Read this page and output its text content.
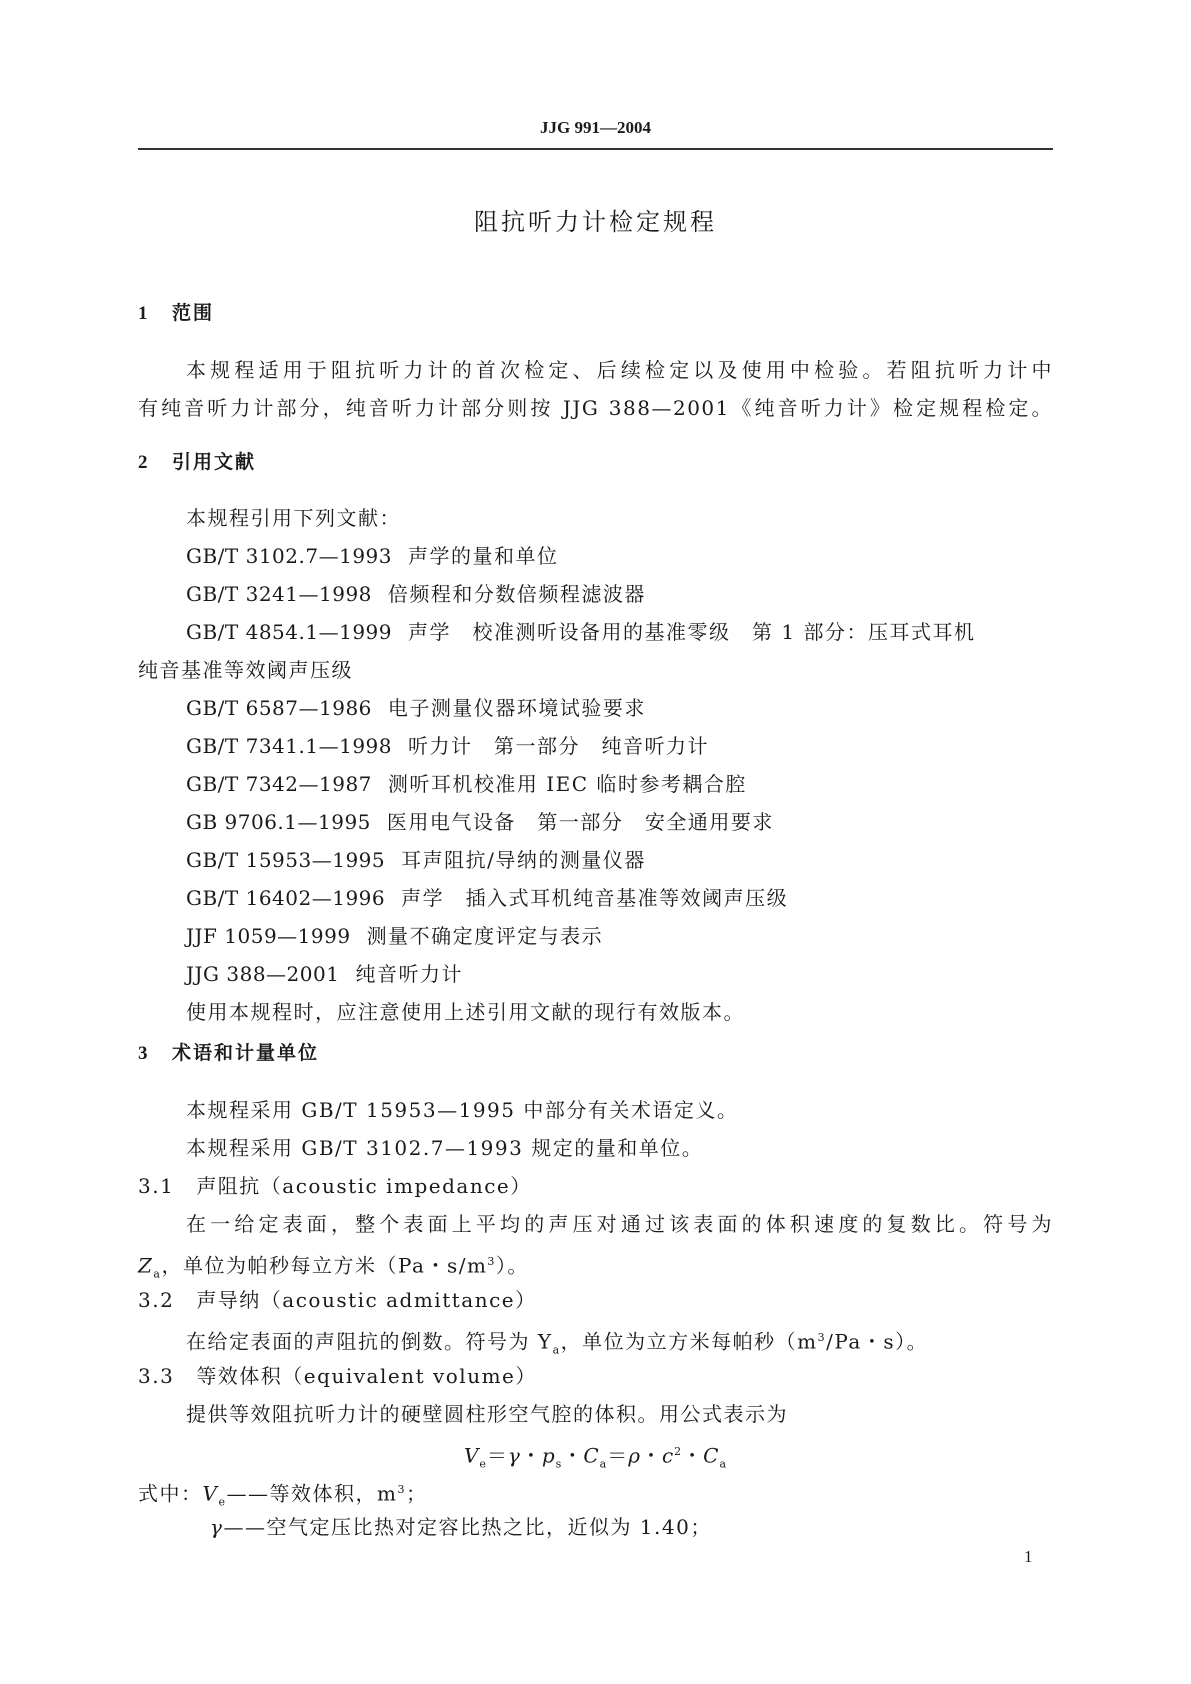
JJG 991—2004
阻抗听力计检定规程
1 范围
本规程适用于阻抗听力计的首次检定、后续检定以及使用中检验。若阻抗听力计中
有纯音听力计部分，纯音听力计部分则按 JJG 388—2001《纯音听力计》检定规程检定。
2 引用文献
本规程引用下列文献：
GB/T 3102.7—1993 声学的量和单位
GB/T 3241—1998 倍频程和分数倍频程滤波器
GB/T 4854.1—1999 声学　校准测听设备用的基准零级　第 1 部分：压耳式耳机
纯音基准等效阈声压级
GB/T 6587—1986 电子测量仪器环境试验要求
GB/T 7341.1—1998 听力计　第一部分　纯音听力计
GB/T 7342—1987 测听耳机校准用 IEC 临时参考耦合腔
GB 9706.1—1995 医用电气设备　第一部分　安全通用要求
GB/T 15953—1995 耳声阻抗/导纳的测量仪器
GB/T 16402—1996 声学　插入式耳机纯音基准等效阈声压级
JJF 1059—1999 测量不确定度评定与表示
JJG 388—2001 纯音听力计
使用本规程时，应注意使用上述引用文献的现行有效版本。
3 术语和计量单位
本规程采用 GB/T 15953—1995 中部分有关术语定义。
本规程采用 GB/T 3102.7—1993 规定的量和单位。
3.1 声阻抗（acoustic impedance）
在一给定表面，整个表面上平均的声压对通过该表面的体积速度的复数比。符号为
$Z_a$，单位为帕秒每立方米（Pa・$s/m^3$）。
3.2 声导纳（acoustic admittance）
在给定表面的声阻抗的倒数。符号为 $Y_a$，单位为立方米每帕秒（$m^3/Pa$・s）。
3.3 等效体积（equivalent volume）
提供等效阻抗听力计的硬壁圆柱形空气腔的体积。用公式表示为
$V_e=\gamma$・$p_s$・$C_a=\rho$・$c^2$・$C_a$
式中：$V_e——$等效体积，$m^3$；
γ——空气定压比热对定容比热之比，近似为 1.40；
1
